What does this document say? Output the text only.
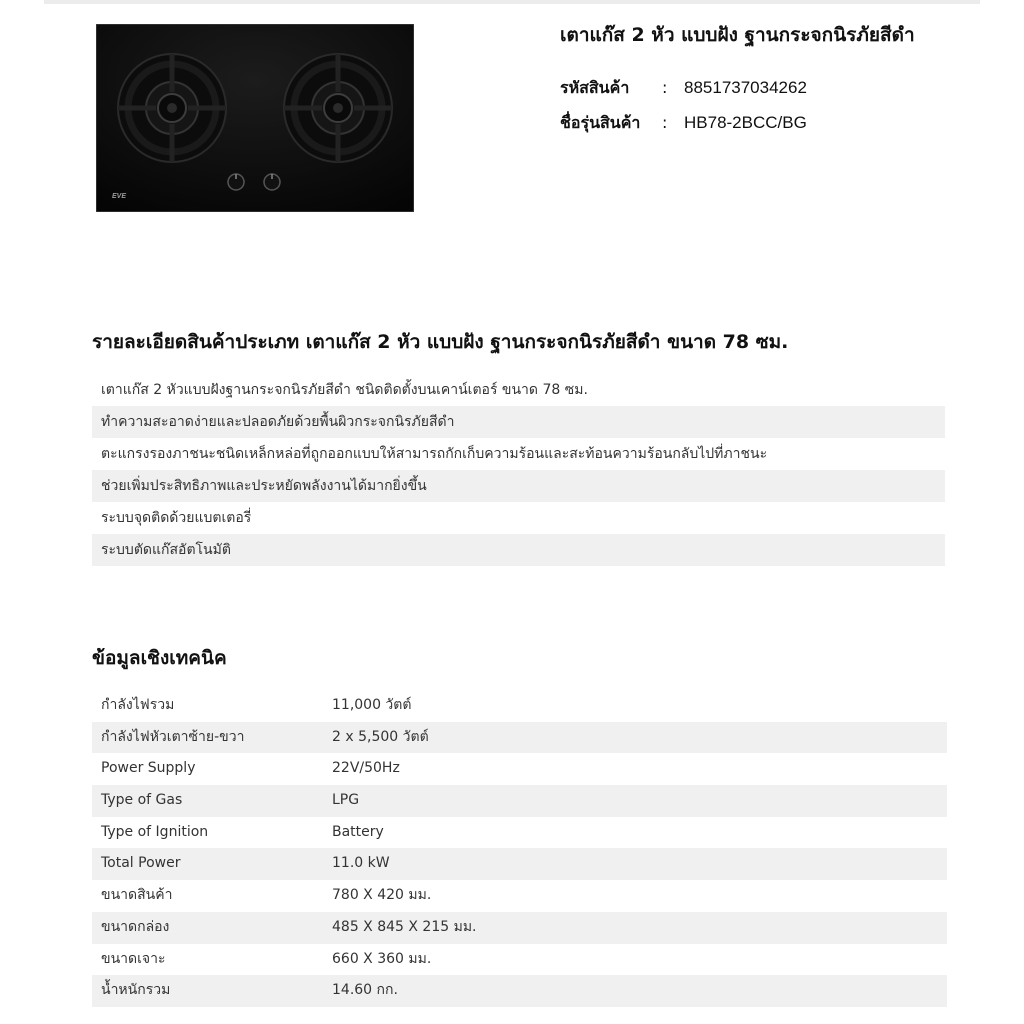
EVE
เตาแก๊ส 2 หัว แบบฝัง ฐานกระจกนิรภัยสีดำ
รหัสสินค้า : 8851737034262
ชื่อรุ่นสินค้า : HB78-2BCC/BG
รายละเอียดสินค้าประเภท เตาแก๊ส 2 หัว แบบฝัง ฐานกระจกนิรภัยสีดำ ขนาด 78 ซม.
เตาแก๊ส 2 หัวแบบฝังฐานกระจกนิรภัยสีดำ ชนิดติดตั้งบนเคาน์เตอร์ ขนาด 78 ซม.
ทำความสะอาดง่ายและปลอดภัยด้วยพื้นผิวกระจกนิรภัยสีดำ
ตะแกรงรองภาชนะชนิดเหล็กหล่อที่ถูกออกแบบให้สามารถกักเก็บความร้อนและสะท้อนความร้อนกลับไปที่ภาชนะ
ช่วยเพิ่มประสิทธิภาพและประหยัดพลังงานได้มากยิ่งขึ้น
ระบบจุดติดด้วยแบตเตอรี่
ระบบตัดแก๊สอัตโนมัติ
ข้อมูลเชิงเทคนิค
กำลังไฟรวม	11,000 วัตต์
กำลังไฟหัวเตาซ้าย-ขวา	2 x 5,500 วัตต์
Power Supply	22V/50Hz
Type of Gas	LPG
Type of Ignition	Battery
Total Power	11.0 kW
ขนาดสินค้า	780 X 420 มม.
ขนาดกล่อง	485 X 845 X 215 มม.
ขนาดเจาะ	660 X 360 มม.
น้ำหนักรวม	14.60 กก.
